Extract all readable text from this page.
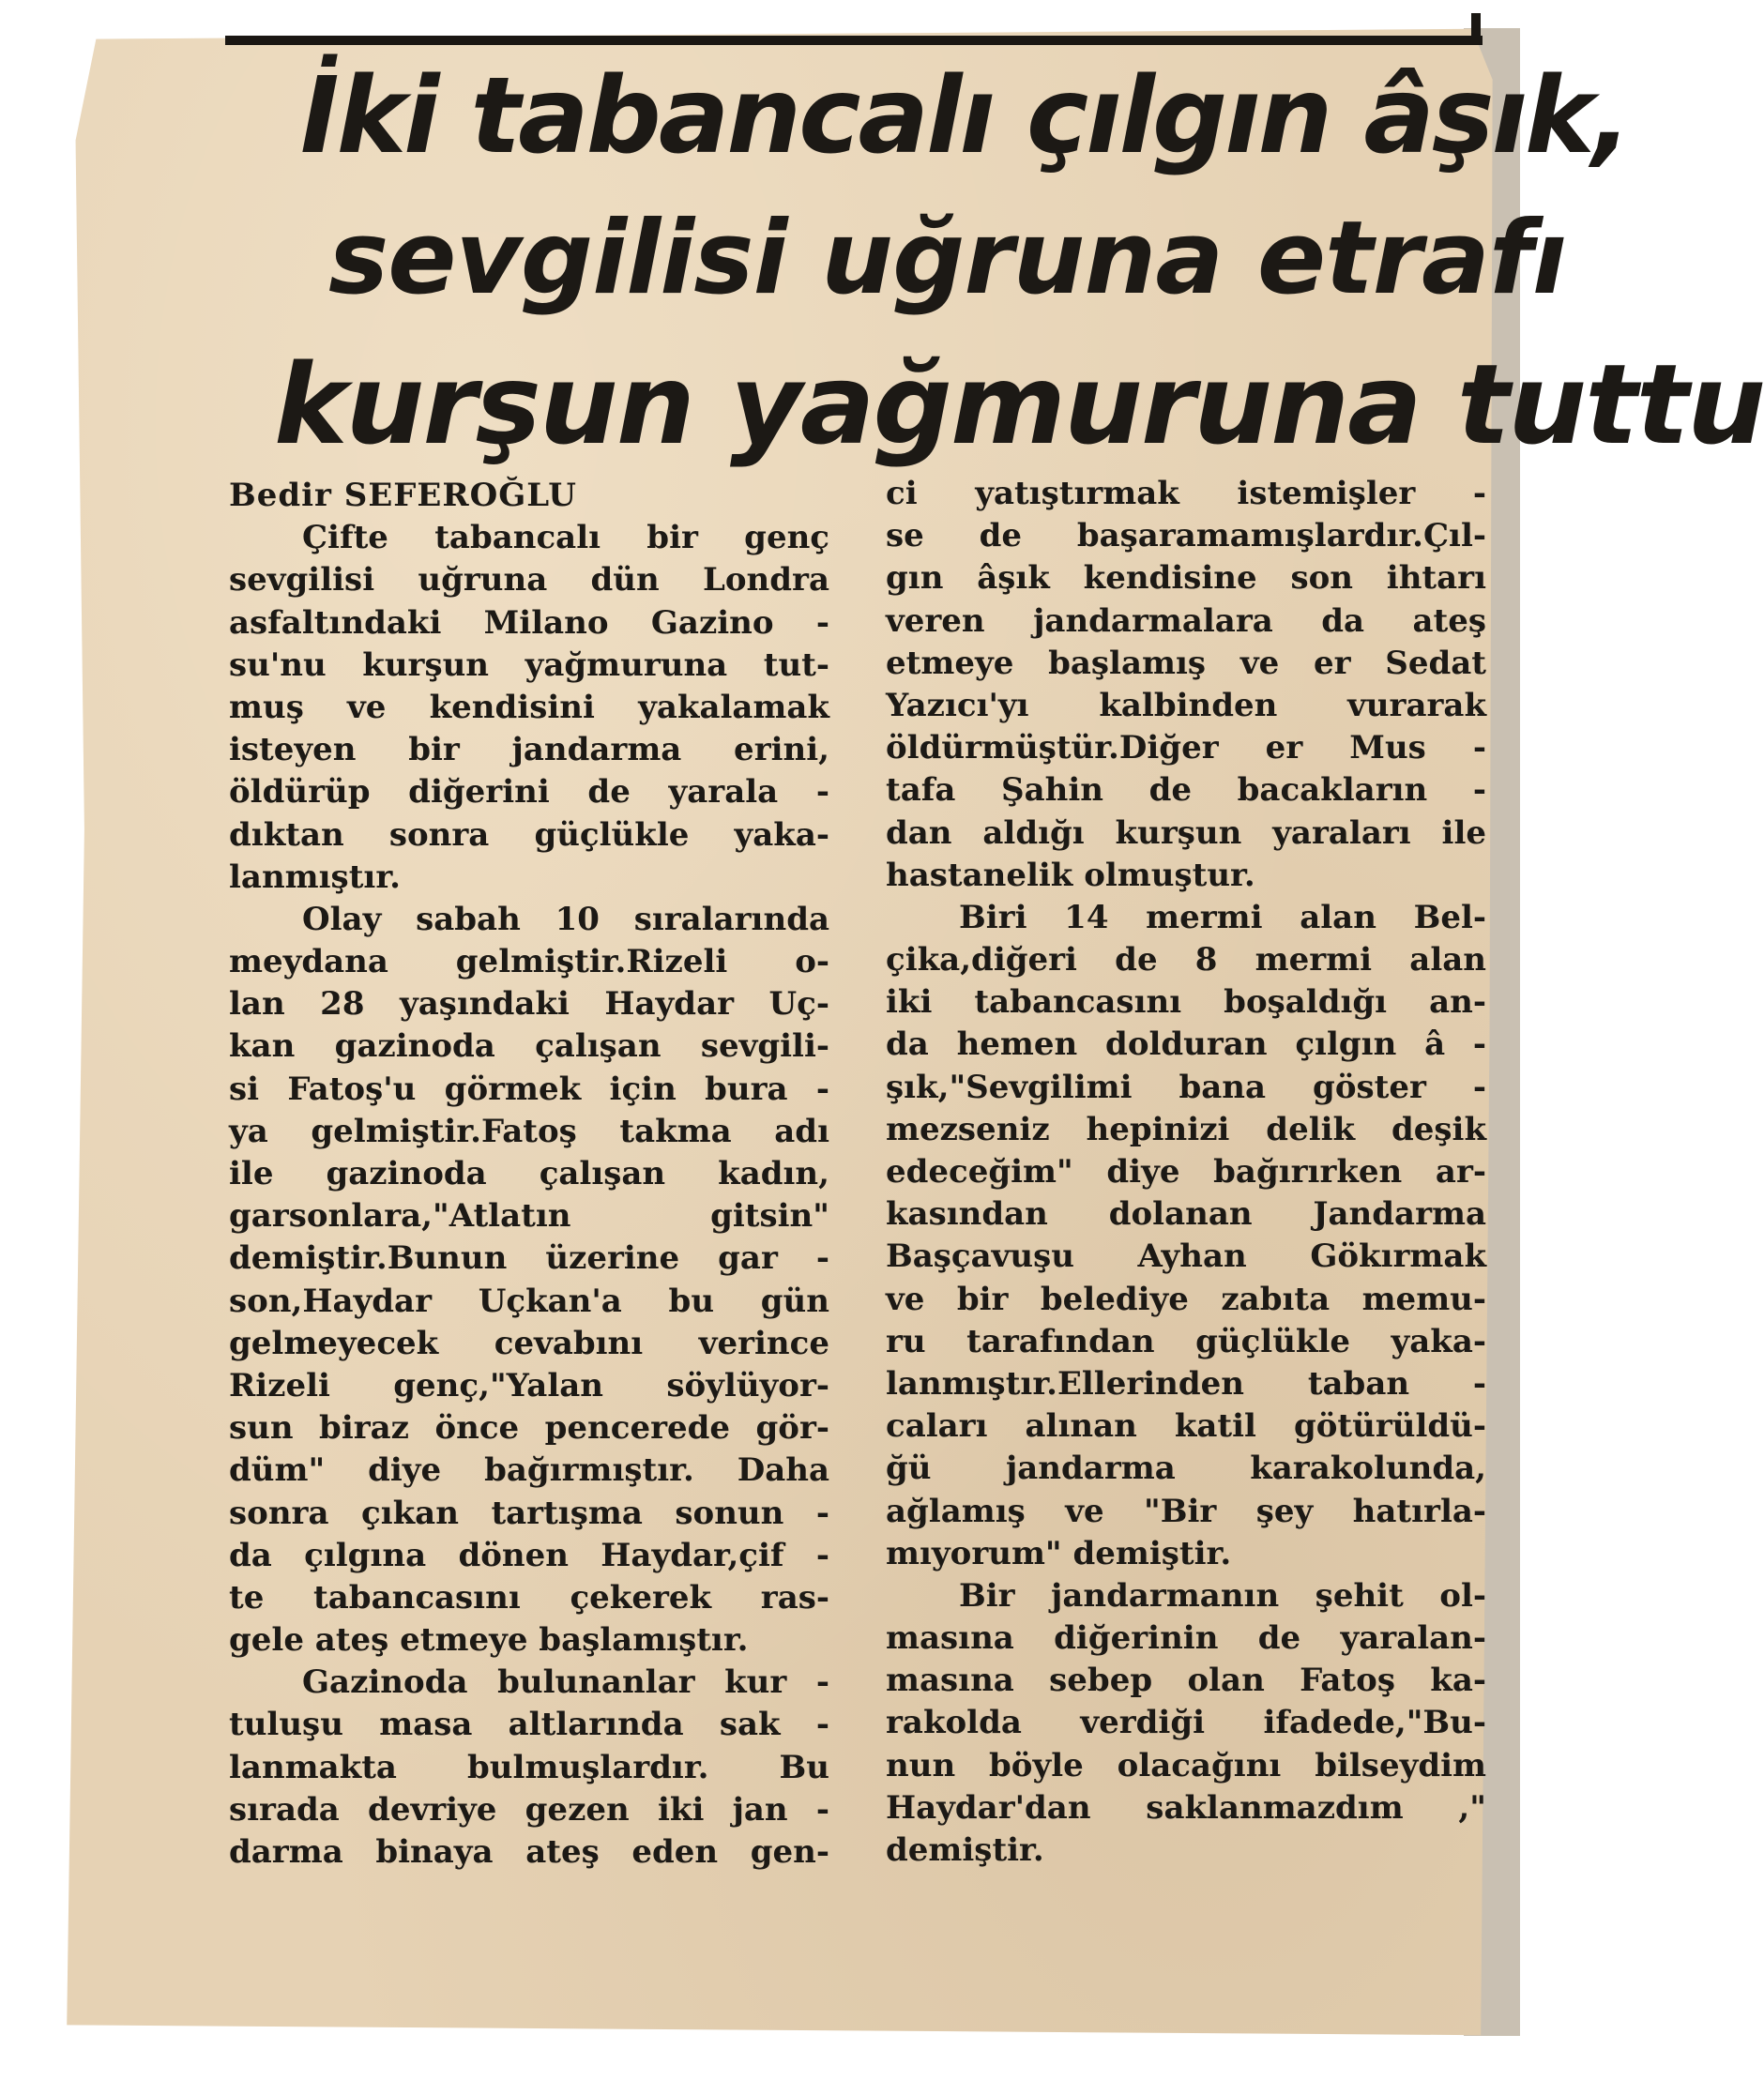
İki tabancalı çılgın âşık,
sevgilisi uğruna etrafı
kurşun yağmuruna tuttu
Bedir SEFEROĞLU
Çifte tabancalı bir genç
sevgilisi uğruna dün Londra
asfaltındaki Milano Gazino -
su'nu kurşun yağmuruna tut-
muş ve kendisini yakalamak
isteyen bir jandarma erini,
öldürüp diğerini de yarala -
dıktan sonra güçlükle yaka-
lanmıştır.
Olay sabah 10 sıralarında
meydana gelmiştir.Rizeli o-
lan 28 yaşındaki Haydar Uç-
kan gazinoda çalışan sevgili-
si Fatoş'u görmek için bura -
ya gelmiştir.Fatoş takma adı
ile gazinoda çalışan kadın,
garsonlara,"Atlatın gitsin"
demiştir.Bunun üzerine gar -
son,Haydar Uçkan'a bu gün
gelmeyecek cevabını verince
Rizeli genç,"Yalan söylüyor-
sun biraz önce pencerede gör-
düm" diye bağırmıştır. Daha
sonra çıkan tartışma sonun -
da çılgına dönen Haydar,çif -
te tabancasını çekerek ras-
gele ateş etmeye başlamıştır.
Gazinoda bulunanlar kur -
tuluşu masa altlarında sak -
lanmakta bulmuşlardır. Bu
sırada devriye gezen iki jan -
darma binaya ateş eden gen-
ci yatıştırmak istemişler -
se de başaramamışlardır.Çıl-
gın âşık kendisine son ihtarı
veren jandarmalara da ateş
etmeye başlamış ve er Sedat
Yazıcı'yı kalbinden vurarak
öldürmüştür.Diğer er Mus -
tafa Şahin de bacakların -
dan aldığı kurşun yaraları ile
hastanelik olmuştur.
Biri 14 mermi alan Bel-
çika,diğeri de 8 mermi alan
iki tabancasını boşaldığı an-
da hemen dolduran çılgın â -
şık,"Sevgilimi bana göster -
mezseniz hepinizi delik deşik
edeceğim" diye bağırırken ar-
kasından dolanan Jandarma
Başçavuşu Ayhan Gökırmak
ve bir belediye zabıta memu-
ru tarafından güçlükle yaka-
lanmıştır.Ellerinden taban -
caları alınan katil götürüldü-
ğü jandarma karakolunda,
ağlamış ve "Bir şey hatırla-
mıyorum" demiştir.
Bir jandarmanın şehit ol-
masına diğerinin de yaralan-
masına sebep olan Fatoş ka-
rakolda verdiği ifadede,"Bu-
nun böyle olacağını bilseydim
Haydar'dan saklanmazdım ,"
demiştir.
